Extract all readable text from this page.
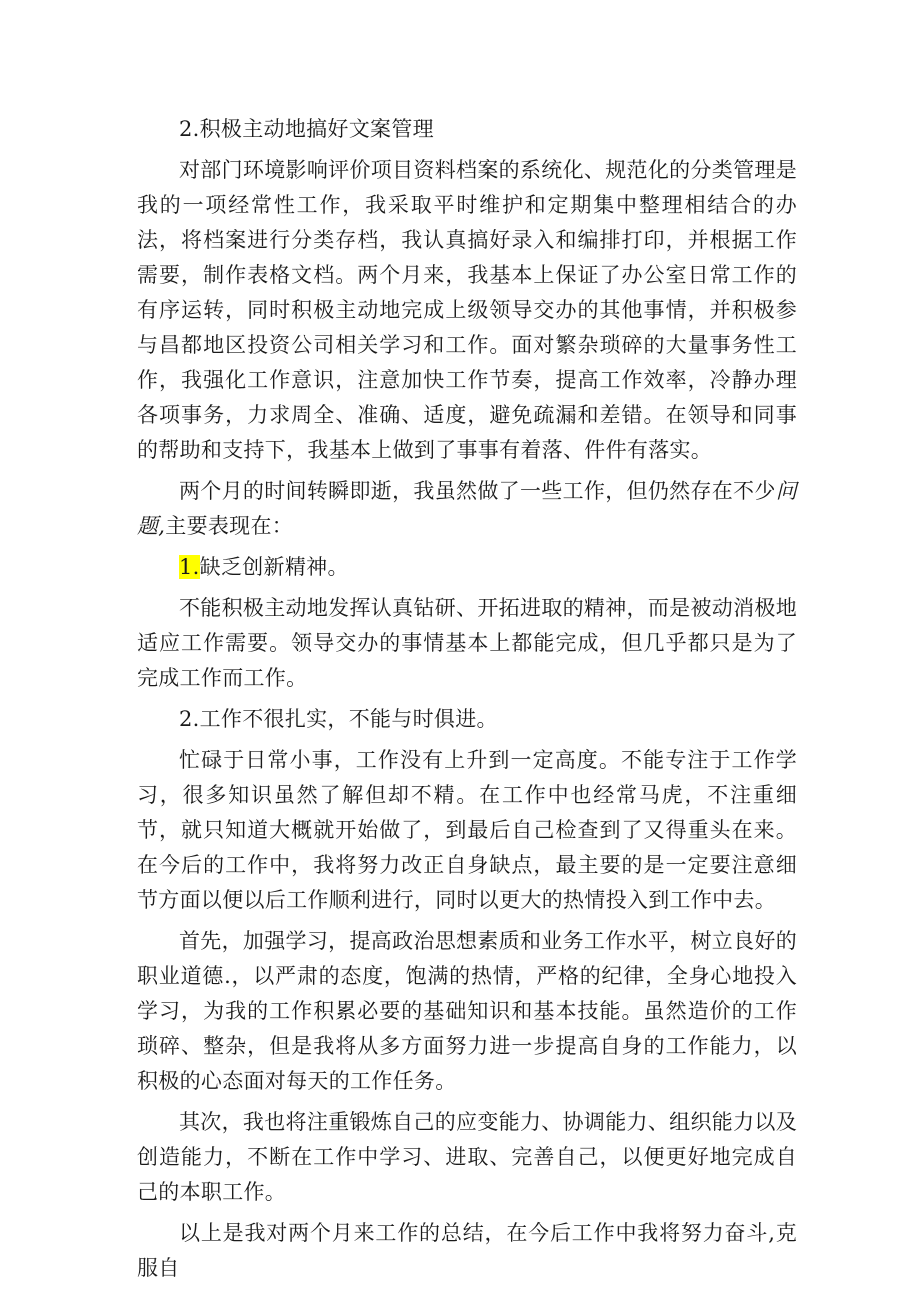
2.积极主动地搞好文案管理

对部门环境影响评价项目资料档案的系统化、规范化的分类管理是我的一项经常性工作，我采取平时维护和定期集中整理相结合的办法，将档案进行分类存档，我认真搞好录入和编排打印，并根据工作需要，制作表格文档。两个月来，我基本上保证了办公室日常工作的有序运转，同时积极主动地完成上级领导交办的其他事情，并积极参与昌都地区投资公司相关学习和工作。面对繁杂琐碎的大量事务性工作，我强化工作意识，注意加快工作节奏，提高工作效率，冷静办理各项事务，力求周全、准确、适度，避免疏漏和差错。在领导和同事的帮助和支持下，我基本上做到了事事有着落、件件有落实。

两个月的时间转瞬即逝，我虽然做了一些工作，但仍然存在不少问题,主要表现在：

1.缺乏创新精神。

不能积极主动地发挥认真钻研、开拓进取的精神，而是被动消极地适应工作需要。领导交办的事情基本上都能完成，但几乎都只是为了完成工作而工作。

2.工作不很扎实，不能与时俱进。

忙碌于日常小事，工作没有上升到一定高度。不能专注于工作学习，很多知识虽然了解但却不精。在工作中也经常马虎，不注重细节，就只知道大概就开始做了，到最后自己检查到了又得重头在来。在今后的工作中，我将努力改正自身缺点，最主要的是一定要注意细节方面以便以后工作顺利进行，同时以更大的热情投入到工作中去。

首先，加强学习，提高政治思想素质和业务工作水平，树立良好的职业道德.，以严肃的态度，饱满的热情，严格的纪律，全身心地投入学习，为我的工作积累必要的基础知识和基本技能。虽然造价的工作琐碎、整杂，但是我将从多方面努力进一步提高自身的工作能力，以积极的心态面对每天的工作任务。

其次，我也将注重锻炼自己的应变能力、协调能力、组织能力以及创造能力，不断在工作中学习、进取、完善自己，以便更好地完成自己的本职工作。

以上是我对两个月来工作的总结，在今后工作中我将努力奋斗,克服自
